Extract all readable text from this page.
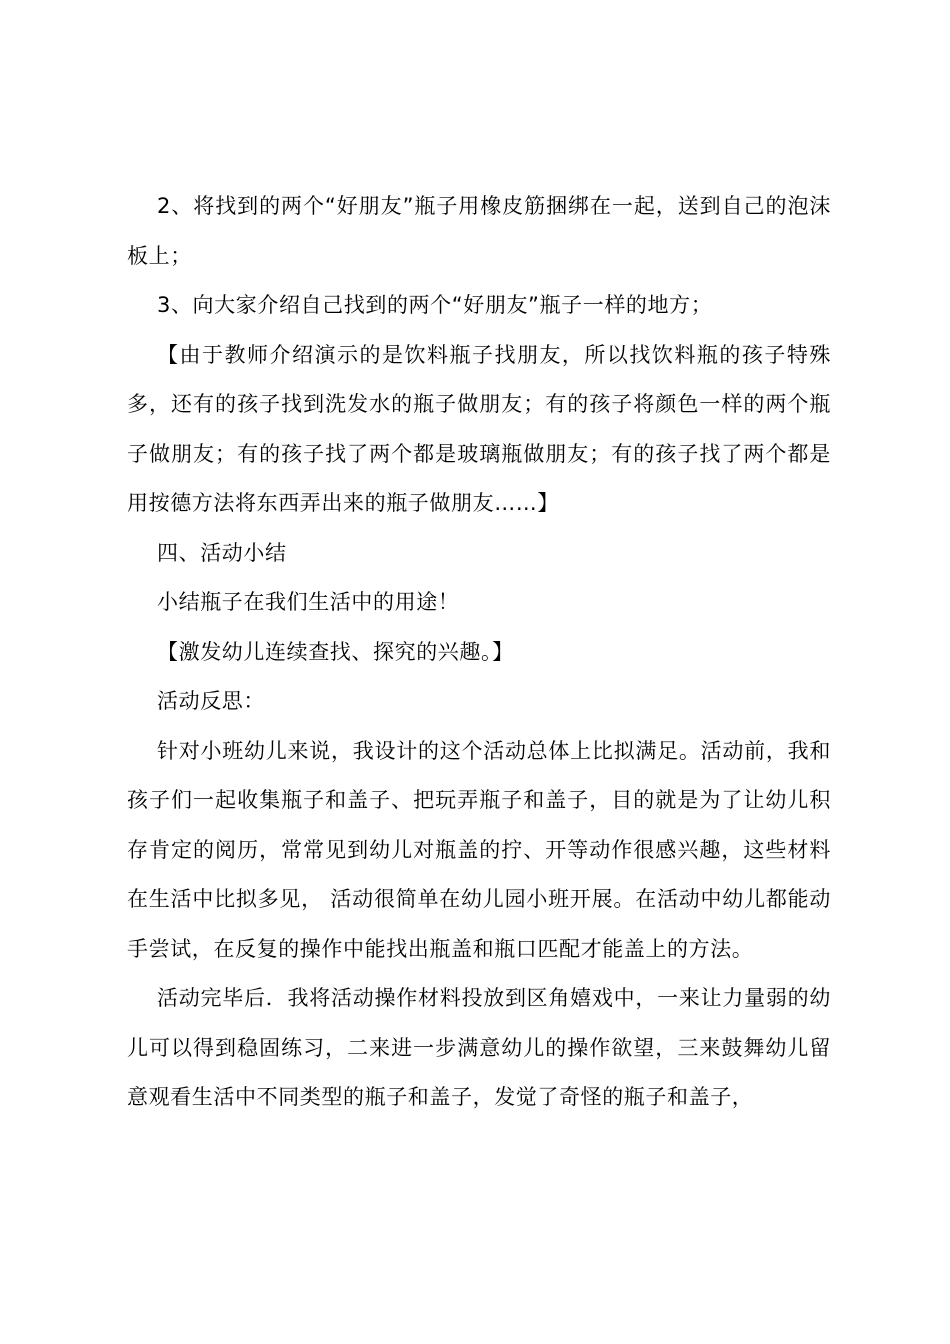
2、将找到的两个“好朋友”瓶子用橡皮筋捆绑在一起，送到自己的泡沫板上；

3、向大家介绍自己找到的两个“好朋友”瓶子一样的地方；

【由于教师介绍演示的是饮料瓶子找朋友，所以找饮料瓶的孩子特殊多，还有的孩子找到洗发水的瓶子做朋友；有的孩子将颜色一样的两个瓶子做朋友；有的孩子找了两个都是玻璃瓶做朋友；有的孩子找了两个都是用按德方法将东西弄出来的瓶子做朋友……】

四、活动小结

小结瓶子在我们生活中的用途！

【激发幼儿连续查找、探究的兴趣。】

活动反思：

针对小班幼儿来说，我设计的这个活动总体上比拟满足。活动前，我和孩子们一起收集瓶子和盖子、把玩弄瓶子和盖子，目的就是为了让幼儿积存肯定的阅历，常常见到幼儿对瓶盖的拧、开等动作很感兴趣，这些材料在生活中比拟多见， 活动很简单在幼儿园小班开展。在活动中幼儿都能动手尝试，在反复的操作中能找出瓶盖和瓶口匹配才能盖上的方法。

活动完毕后．我将活动操作材料投放到区角嬉戏中，一来让力量弱的幼儿可以得到稳固练习，二来进一步满意幼儿的操作欲望，三来鼓舞幼儿留意观看生活中不同类型的瓶子和盖子，发觉了奇怪的瓶子和盖子，
